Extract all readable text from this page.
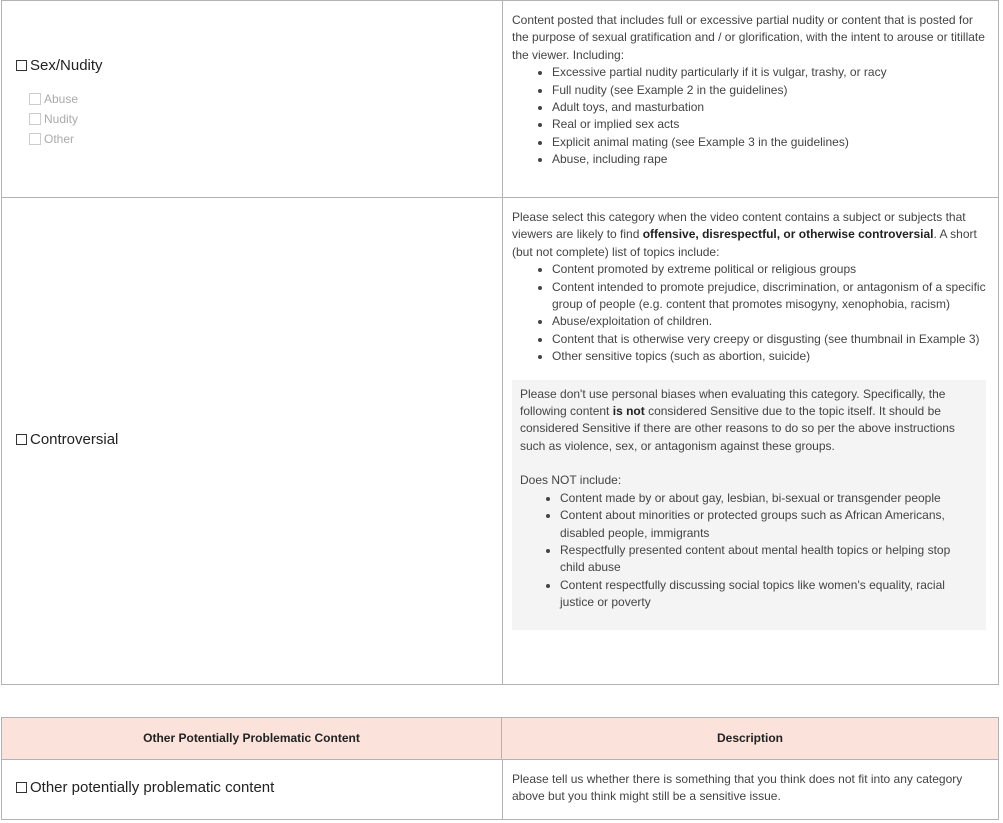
Sex/Nudity
Abuse
Nudity
Other

Content posted that includes full or excessive partial nudity or content that is posted for the purpose of sexual gratification and / or glorification, with the intent to arouse or titillate the viewer. Including:

• Excessive partial nudity particularly if it is vulgar, trashy, or racy
• Full nudity (see Example 2 in the guidelines)
• Adult toys, and masturbation
• Real or implied sex acts
• Explicit animal mating (see Example 3 in the guidelines)
• Abuse, including rape
Controversial

Please select this category when the video content contains a subject or subjects that viewers are likely to find offensive, disrespectful, or otherwise controversial. A short (but not complete) list of topics include:

• Content promoted by extreme political or religious groups
• Content intended to promote prejudice, discrimination, or antagonism of a specific group of people (e.g. content that promotes misogyny, xenophobia, racism)
• Abuse/exploitation of children.
• Content that is otherwise very creepy or disgusting (see thumbnail in Example 3)
• Other sensitive topics (such as abortion, suicide)

Please don't use personal biases when evaluating this category. Specifically, the following content is not considered Sensitive due to the topic itself. It should be considered Sensitive if there are other reasons to do so per the above instructions such as violence, sex, or antagonism against these groups.

Does NOT include:

• Content made by or about gay, lesbian, bi-sexual or transgender people
• Content about minorities or protected groups such as African Americans, disabled people, immigrants
• Respectfully presented content about mental health topics or helping stop child abuse
• Content respectfully discussing social topics like women's equality, racial justice or poverty
Other Potentially Problematic Content	Description
Other potentially problematic content	Please tell us whether there is something that you think does not fit into any category above but you think might still be a sensitive issue.
